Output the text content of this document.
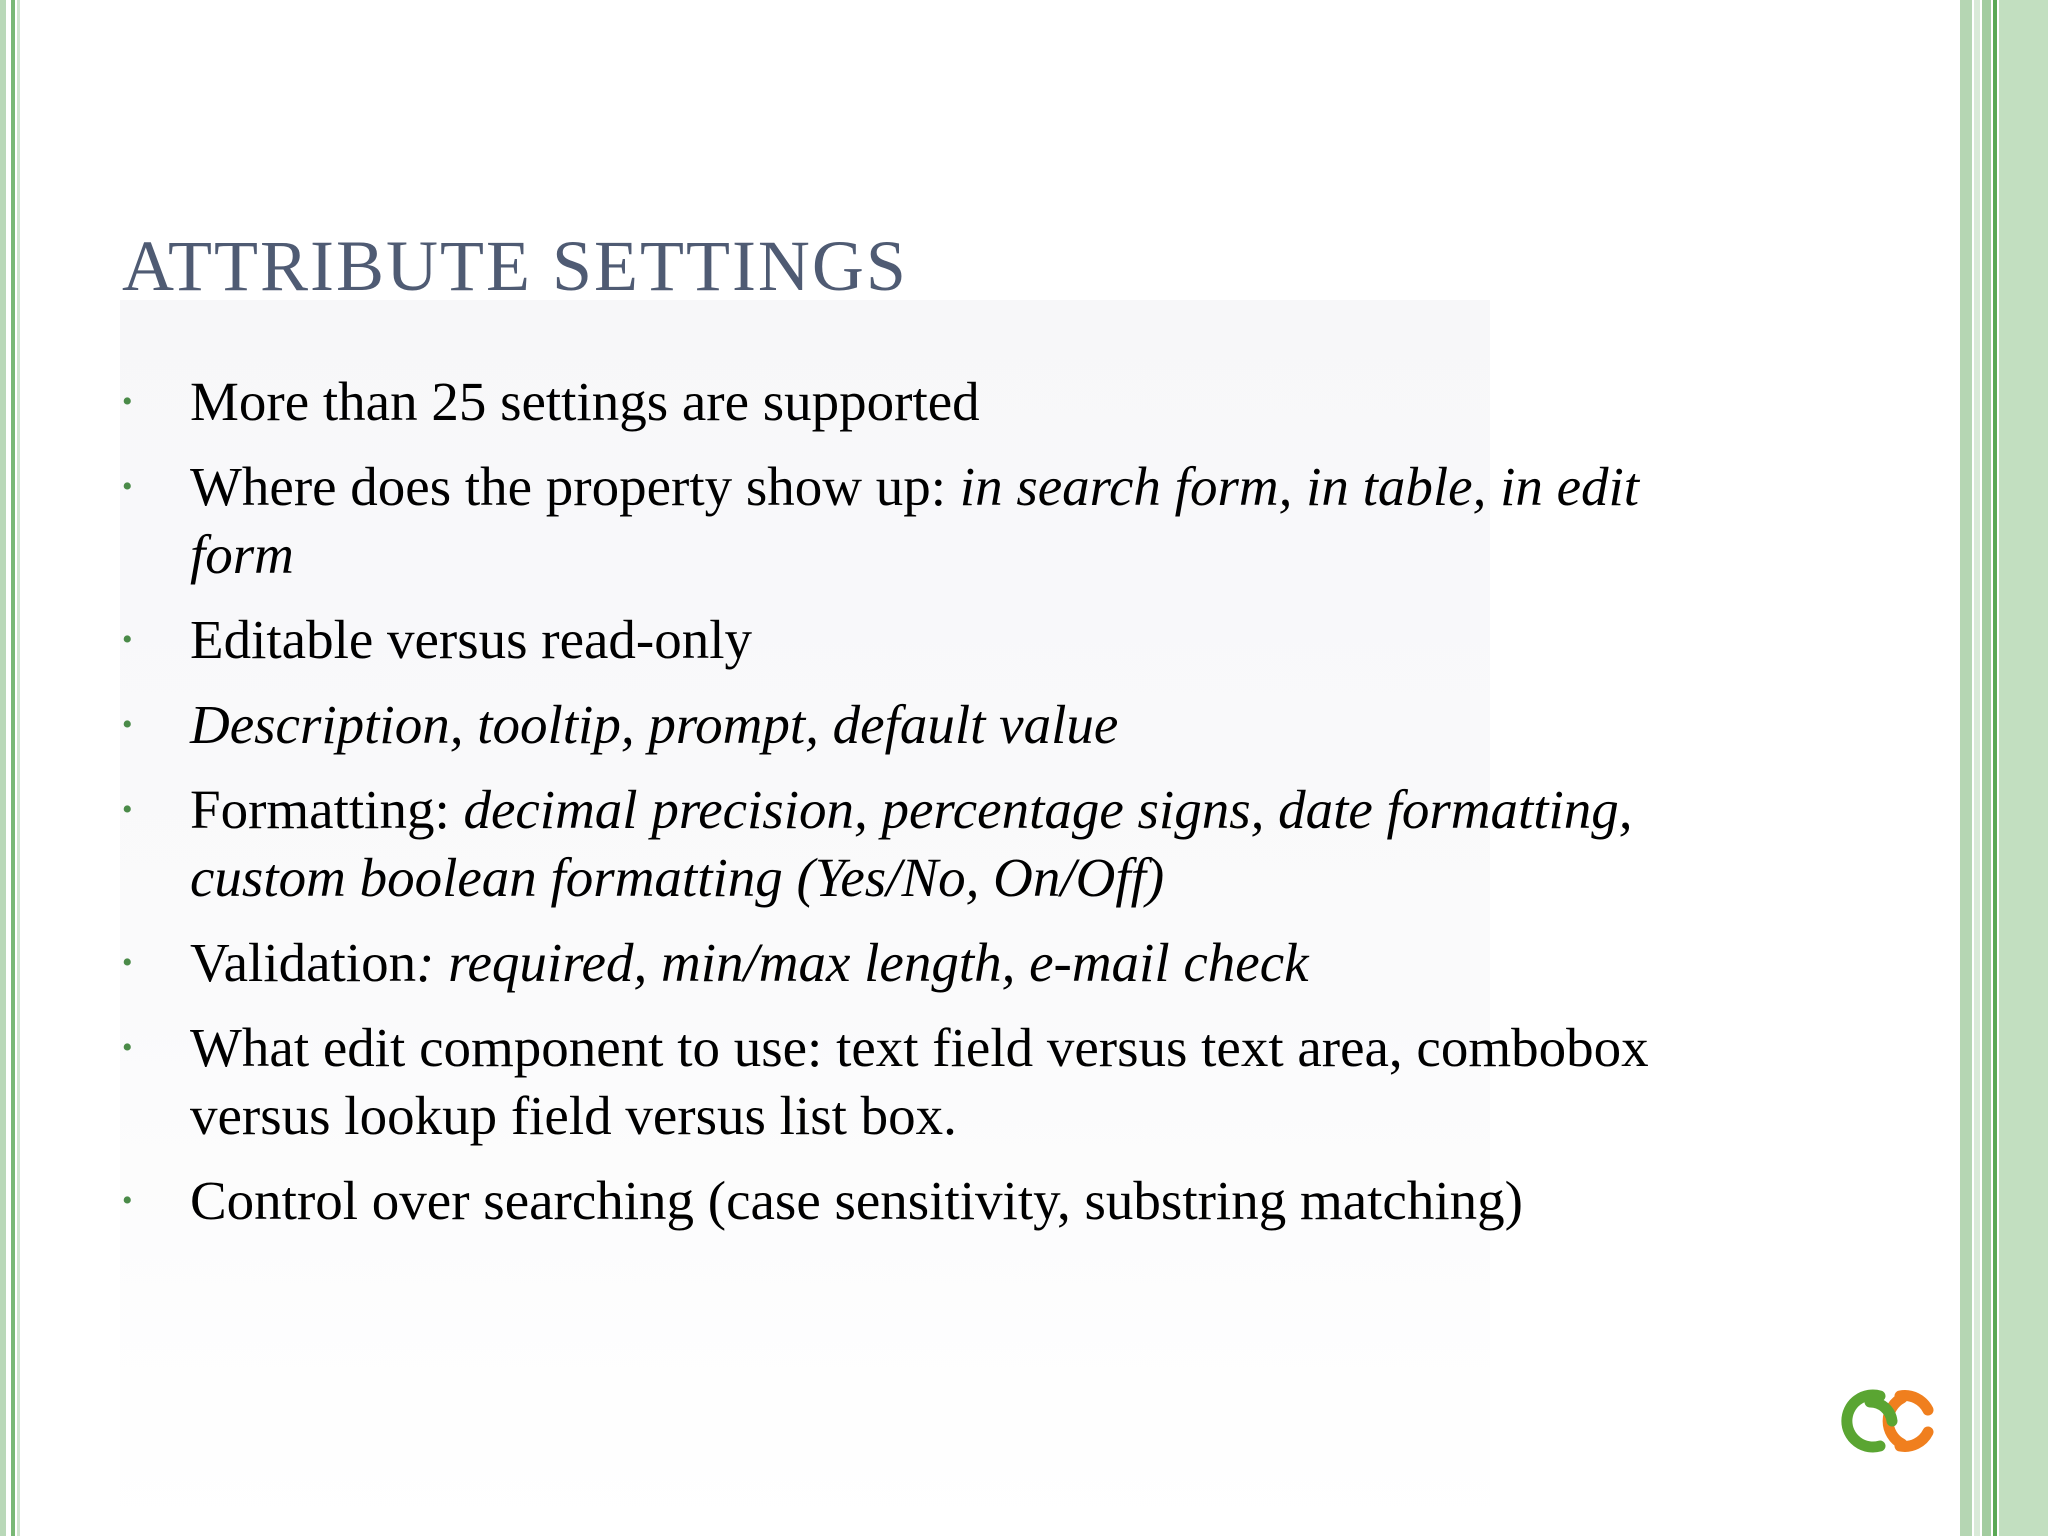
ATTRIBUTE SETTINGS
• More than 25 settings are supported
• Where does the property show up: in search form, in table, in edit form
• Editable versus read-only
• Description, tooltip, prompt, default value
• Formatting: decimal precision, percentage signs, date formatting, custom boolean formatting (Yes/No, On/Off)
• Validation: required, min/max length, e-mail check
• What edit component to use: text field versus text area, combobox versus lookup field versus list box.
• Control over searching (case sensitivity, substring matching)
